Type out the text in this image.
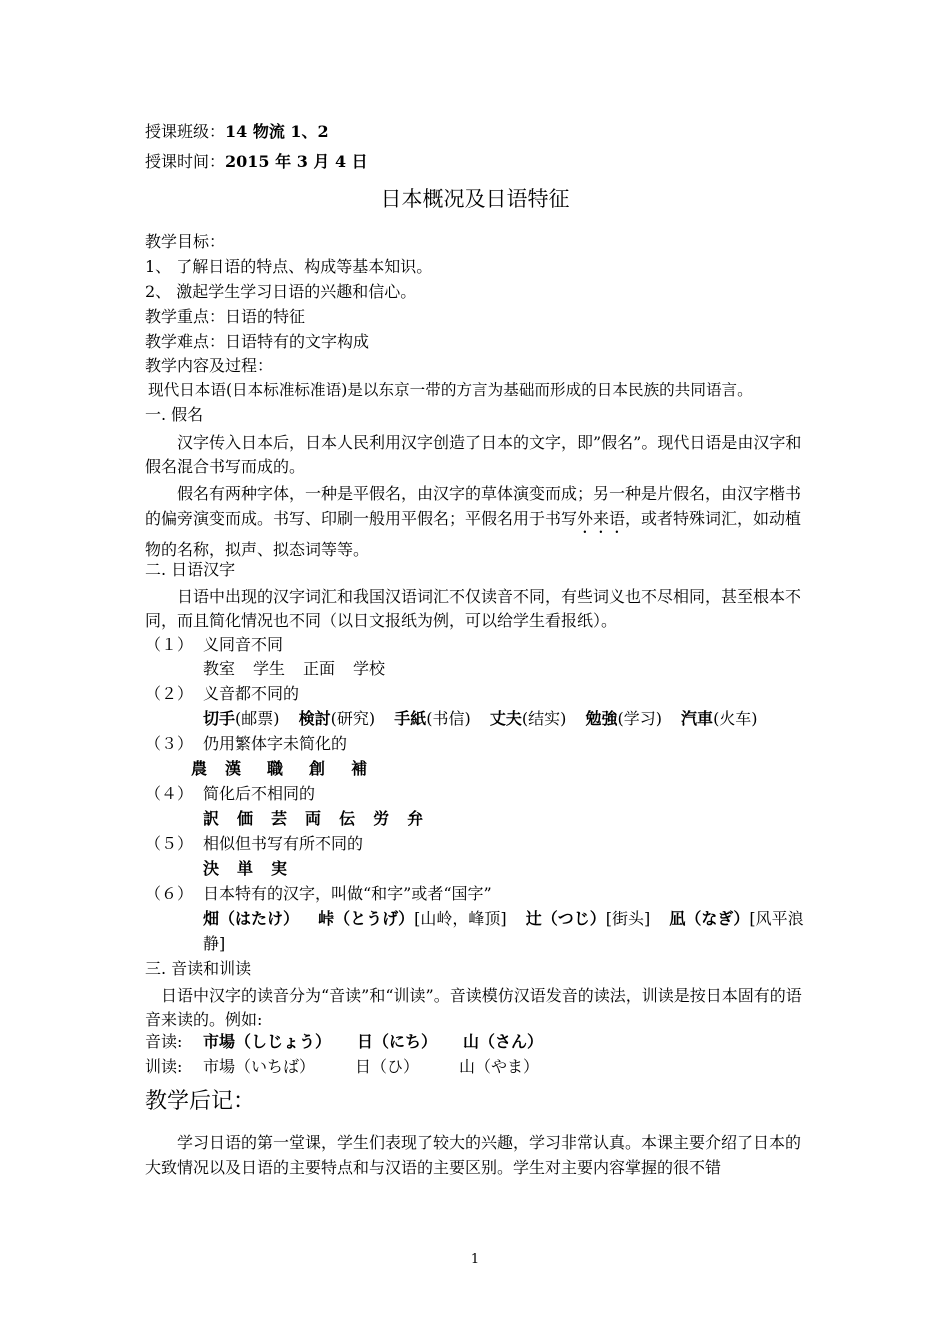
授课班级：14 物流 1、2
授课时间：2015 年 3 月 4 日
日本概况及日语特征
教学目标：
1、 了解日语的特点、构成等基本知识。
2、 激起学生学习日语的兴趣和信心。
教学重点：日语的特征
教学难点：日语特有的文字构成
教学内容及过程：
现代日本语(日本标准标准语)是以东京一带的方言为基础而形成的日本民族的共同语言。
一. 假名
汉字传入日本后，日本人民利用汉字创造了日本的文字，即”假名”。现代日语是由汉字和假名混合书写而成的。
假名有两种字体，一种是平假名，由汉字的草体演变而成；另一种是片假名，由汉字楷书的偏旁演变而成。书写、印刷一般用平假名；平假名用于书写外来语，或者特殊词汇，如动植物的名称，拟声、拟态词等等。
二. 日语汉字
日语中出现的汉字词汇和我国汉语词汇不仅读音不同，有些词义也不尽相同，甚至根本不同，而且简化情况也不同（以日文报纸为例，可以给学生看报纸）。
（１） 义同音不同
教室 学生 正面 学校
（２） 义音都不同的
切手(邮票) 検討(研究) 手紙(书信) 丈夫(结实) 勉強(学习) 汽車(火车)
（３） 仍用繁体字未简化的
農 漢 職 創 補
（４） 简化后不相同的
訳 価 芸 両 伝 労 弁
（５） 相似但书写有所不同的
決 単 実
（６） 日本特有的汉字，叫做“和字”或者“国字”
畑（はたけ） 峠（とうげ）[山岭，峰顶] 辻（つじ）[街头] 凪（なぎ）[风平浪
静]
三. 音读和训读
日语中汉字的读音分为“音读”和“训读”。音读模仿汉语发音的读法，训读是按日本固有的语音来读的。例如:
音读: 市場（しじょう） 日（にち） 山（さん）
训读: 市場（いちば）	日（ひ）	山（やま）
教学后记：
学习日语的第一堂课，学生们表现了较大的兴趣，学习非常认真。本课主要介绍了日本的大致情况以及日语的主要特点和与汉语的主要区别。学生对主要内容掌握的很不错
1
